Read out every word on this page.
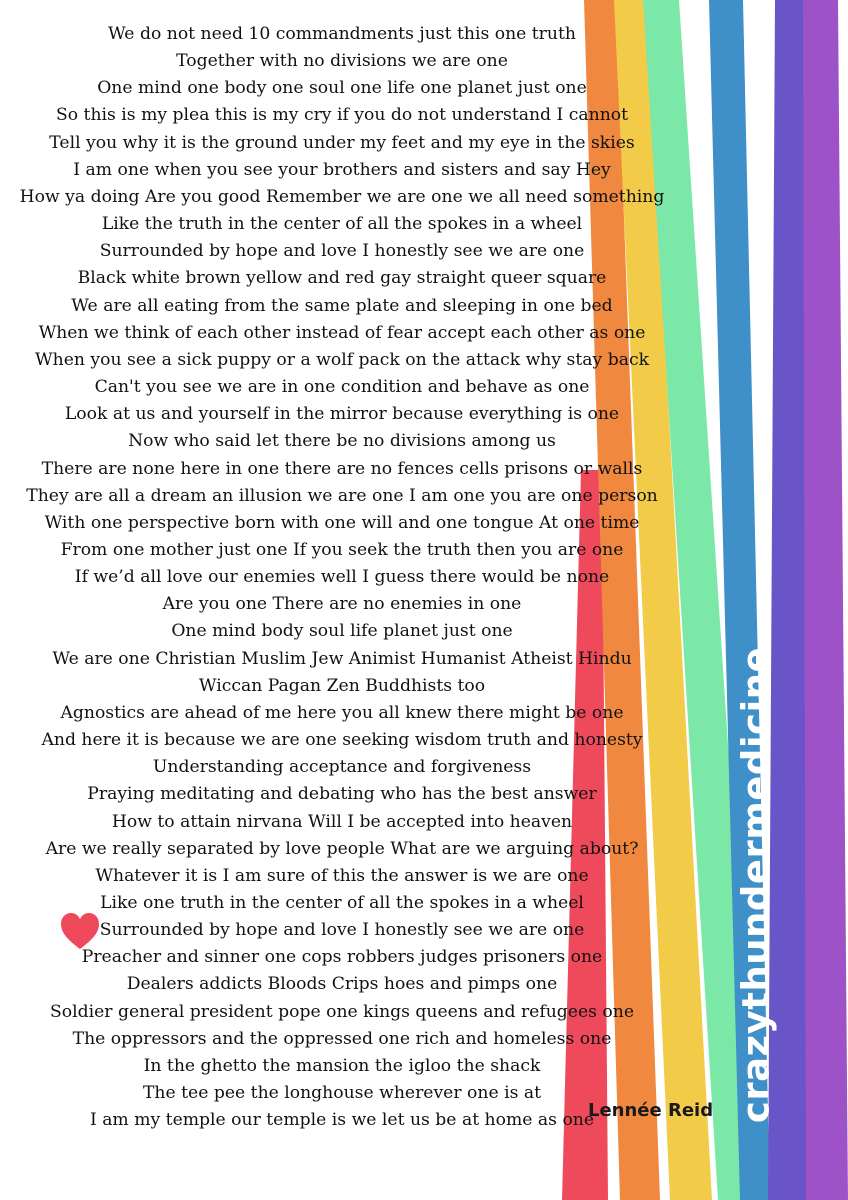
We do not need 10 commandments just this one truth
Together with no divisions we are one
One mind one body one soul one life one planet just one
So this is my plea this is my cry if you do not understand I cannot
Tell you why it is the ground under my feet and my eye in the skies
I am one when you see your brothers and sisters and say Hey
How ya doing Are you good Remember we are one we all need something
Like the truth in the center of all the spokes in a wheel
Surrounded by hope and love I honestly see we are one
Black white brown yellow and red gay straight queer square
We are all eating from the same plate and sleeping in one bed
When we think of each other instead of fear accept each other as one
When you see a sick puppy or a wolf pack on the attack why stay back
Can't you see we are in one condition and behave as one
Look at us and yourself in the mirror because everything is one
Now who said let there be no divisions among us
There are none here in one there are no fences cells prisons or walls
They are all a dream an illusion we are one I am one you are one person
With one perspective born with one will and one tongue At one time
From one mother just one If you seek the truth then you are one
If we’d all love our enemies well I guess there would be none
Are you one There are no enemies in one
One mind body soul life planet just one
We are one Christian Muslim Jew Animist Humanist Atheist Hindu
Wiccan Pagan Zen Buddhists too
Agnostics are ahead of me here you all knew there might be one
And here it is because we are one seeking wisdom truth and honesty
Understanding acceptance and forgiveness
Praying meditating and debating who has the best answer
How to attain nirvana Will I be accepted into heaven
Are we really separated by love people What are we arguing about?
Whatever it is I am sure of this the answer is we are one
Like one truth in the center of all the spokes in a wheel
Surrounded by hope and love I honestly see we are one
Preacher and sinner one cops robbers judges prisoners one
Dealers addicts Bloods Crips hoes and pimps one
Soldier general president pope one kings queens and refugees one
The oppressors and the oppressed one rich and homeless one
In the ghetto the mansion the igloo the shack
The tee pee the longhouse wherever one is at
I am my temple our temple is we let us be at home as one
Lennée Reid crazythundermedicine
